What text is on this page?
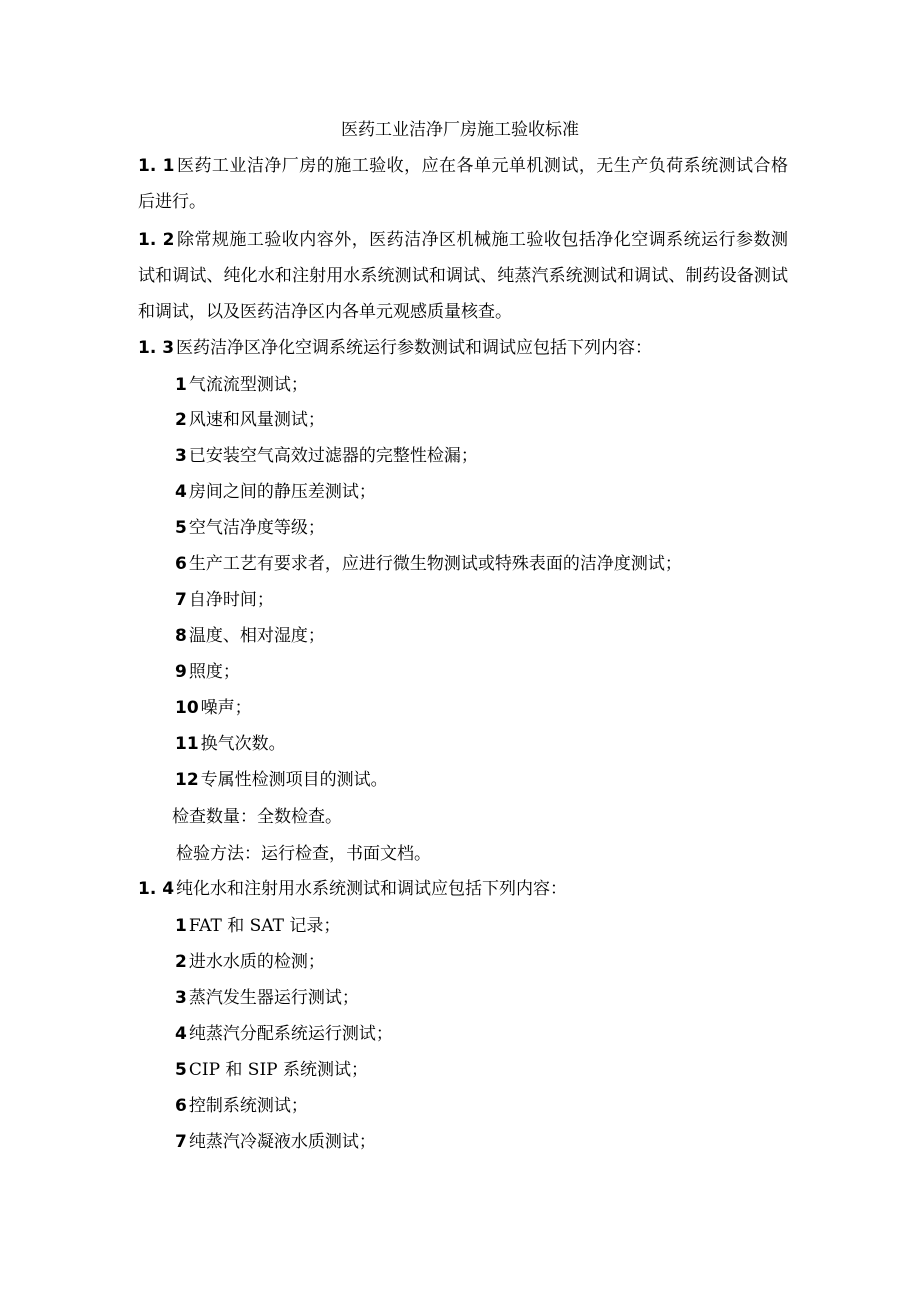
医药工业洁净厂房施工验收标准
1. 1 医药工业洁净厂房的施工验收，应在各单元单机测试，无生产负荷系统测试合格后进行。
1. 2 除常规施工验收内容外，医药洁净区机械施工验收包括净化空调系统运行参数测试和调试、纯化水和注射用水系统测试和调试、纯蒸汽系统测试和调试、制药设备测试和调试，以及医药洁净区内各单元观感质量核查。
1. 3 医药洁净区净化空调系统运行参数测试和调试应包括下列内容：
1 气流流型测试；
2 风速和风量测试；
3 已安装空气高效过滤器的完整性检漏；
4 房间之间的静压差测试；
5 空气洁净度等级；
6 生产工艺有要求者，应进行微生物测试或特殊表面的洁净度测试；
7 自净时间；
8 温度、相对湿度；
9 照度；
10 噪声；
11 换气次数。
12 专属性检测项目的测试。
检查数量：全数检查。
检验方法：运行检查，书面文档。
1. 4 纯化水和注射用水系统测试和调试应包括下列内容：
1 FAT 和 SAT 记录；
2 进水水质的检测；
3 蒸汽发生器运行测试；
4 纯蒸汽分配系统运行测试；
5 CIP 和 SIP 系统测试；
6 控制系统测试；
7 纯蒸汽冷凝液水质测试；
